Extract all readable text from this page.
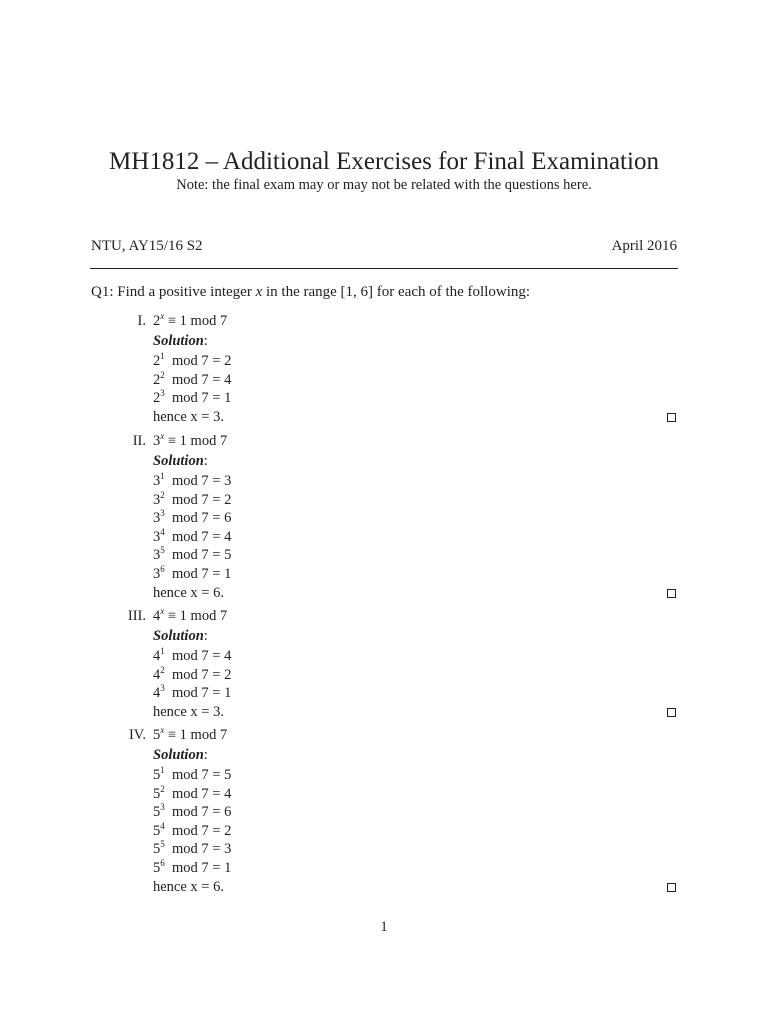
MH1812 – Additional Exercises for Final Examination
Note: the final exam may or may not be related with the questions here.
NTU, AY15/16 S2	April 2016
Q1: Find a positive integer x in the range [1, 6] for each of the following:
I. $2^x \equiv 1$ mod 7
Solution:
$2^1$ mod 7 = 2
$2^2$ mod 7 = 4
$2^3$ mod 7 = 1
hence x = 3.
II. $3^x \equiv 1$ mod 7
Solution:
$3^1$ mod 7 = 3
$3^2$ mod 7 = 2
$3^3$ mod 7 = 6
$3^4$ mod 7 = 4
$3^5$ mod 7 = 5
$3^6$ mod 7 = 1
hence x = 6.
III. $4^x \equiv 1$ mod 7
Solution:
$4^1$ mod 7 = 4
$4^2$ mod 7 = 2
$4^3$ mod 7 = 1
hence x = 3.
IV. $5^x \equiv 1$ mod 7
Solution:
$5^1$ mod 7 = 5
$5^2$ mod 7 = 4
$5^3$ mod 7 = 6
$5^4$ mod 7 = 2
$5^5$ mod 7 = 3
$5^6$ mod 7 = 1
hence x = 6.
1
